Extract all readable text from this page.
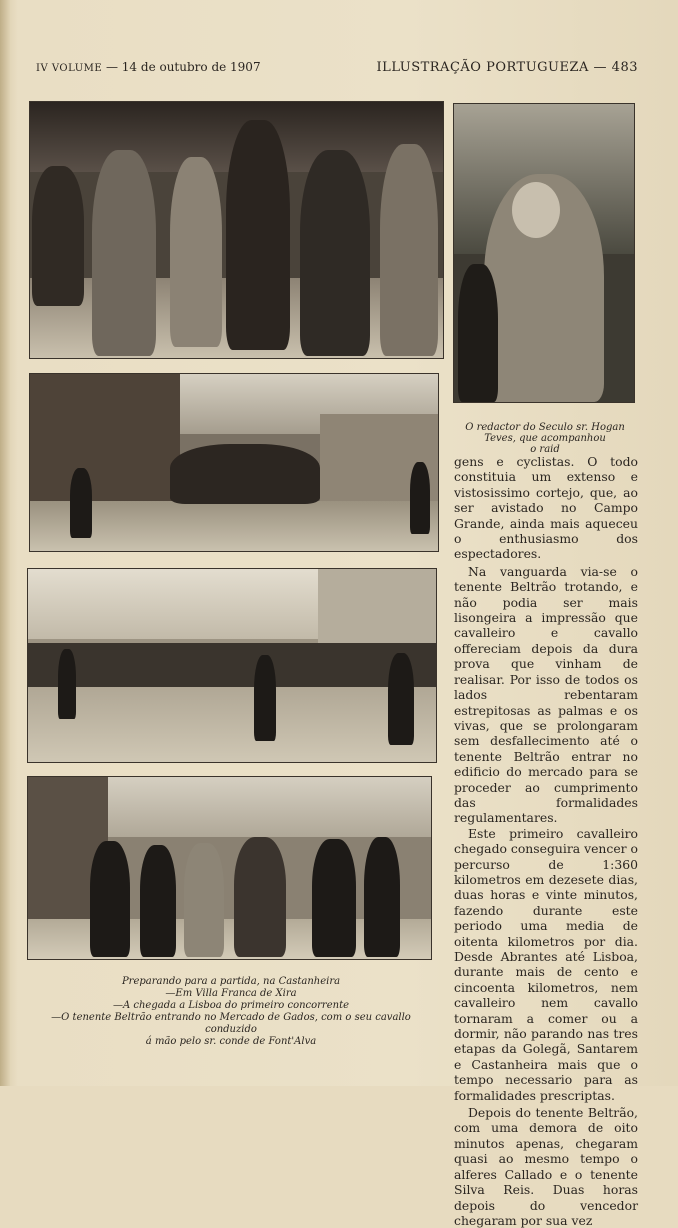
IV VOLUME — 14 de outubro de 1907	ILLUSTRAÇÃO PORTUGUEZA — 483
O redactor do Seculo sr. Hogan
Teves, que acompanhou
o raid
Preparando para a partida, na Castanheira
—Em Villa Franca de Xira
—A chegada a Lisboa do primeiro concorrente
—O tenente Beltrão entrando no Mercado de Gados, com o seu cavallo conduzido
á mão pelo sr. conde de Font'Alva

gens e cyclistas. O todo constituia um extenso e vistosissimo cortejo, que, ao ser avistado no Campo Grande, ainda mais aqueceu o enthusiasmo dos espectadores.

Na vanguarda via-se o tenente Beltrão trotando, e não podia ser mais lisongeira a impressão que cavalleiro e cavallo offereciam depois da dura prova que vinham de realisar. Por isso de todos os lados rebentaram estrepitosas as palmas e os vivas, que se prolongaram sem desfallecimento até o tenente Beltrão entrar no edificio do mercado para se proceder ao cumprimento das formalidades regulamentares.

Este primeiro cavalleiro chegado conseguira vencer o percurso de 1:360 kilometros em dezesete dias, duas horas e vinte minutos, fazendo durante este periodo uma media de oitenta kilometros por dia. Desde Abrantes até Lisboa, durante mais de cento e cincoenta kilometros, nem cavalleiro nem cavallo tornaram a comer ou a dormir, não parando nas tres etapas da Golegã, Santarem e Castanheira mais que o tempo necessario para as formalidades prescriptas.

Depois do tenente Beltrão, com uma demora de oito minutos apenas, chegaram quasi ao mesmo tempo o alferes Callado e o tenente Silva Reis. Duas horas depois do vencedor chegaram por sua vez
